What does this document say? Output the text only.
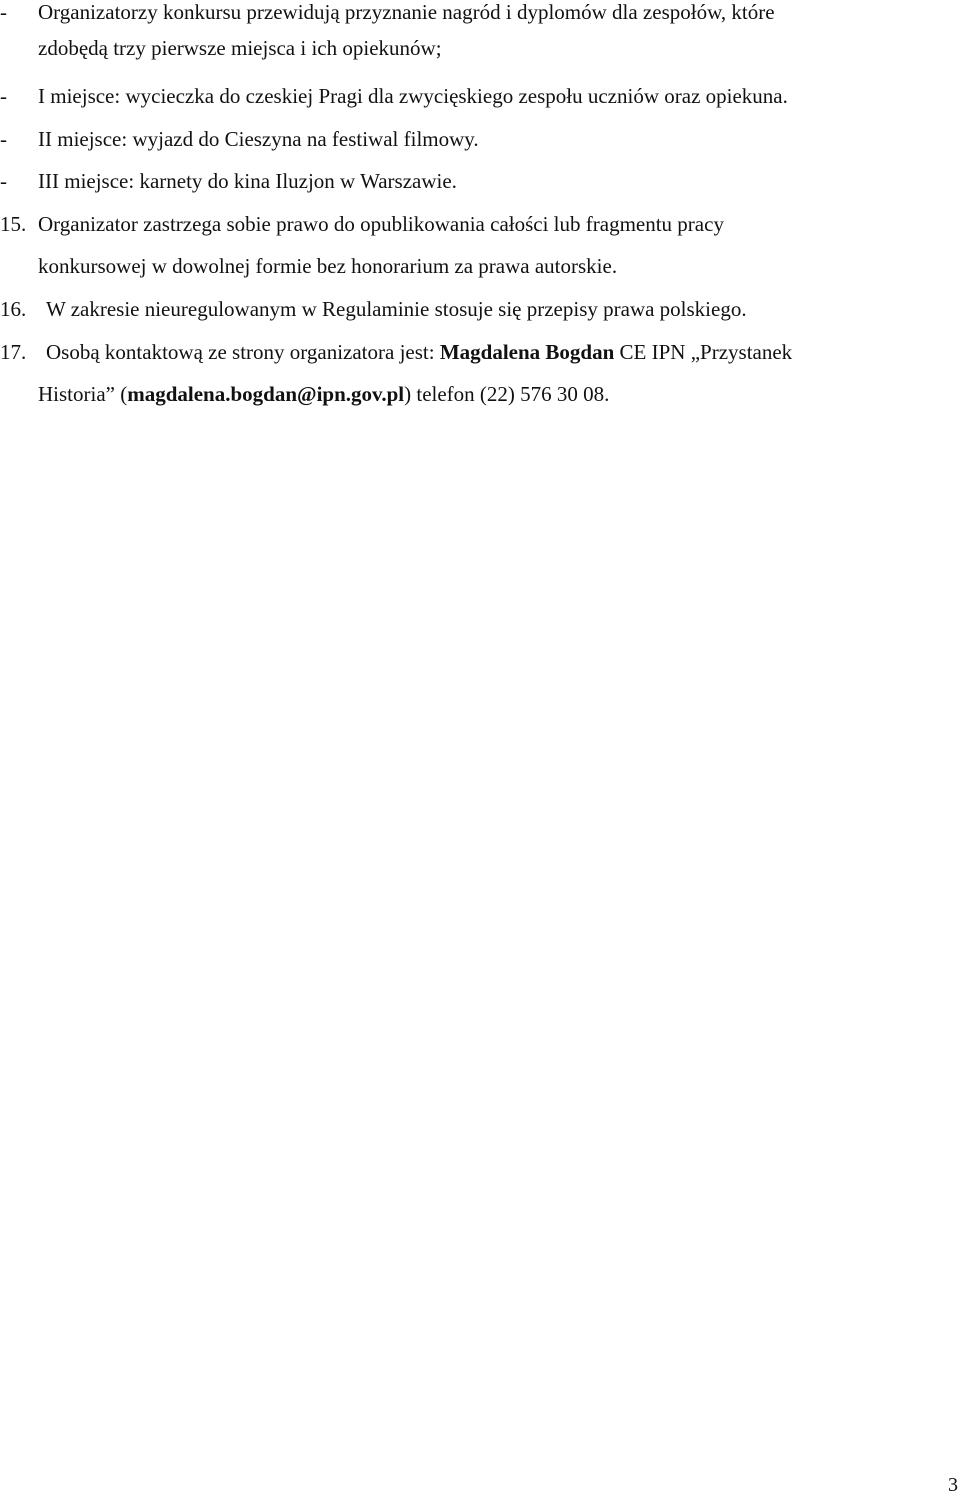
- Organizatorzy konkursu przewidują przyznanie nagród i dyplomów dla zespołów, które
zdobędą trzy pierwsze miejsca i ich opiekunów;
- I miejsce: wycieczka do czeskiej Pragi dla zwycięskiego zespołu uczniów oraz opiekuna.
- II miejsce: wyjazd do Cieszyna na festiwal filmowy.
- III miejsce: karnety do kina Iluzjon w Warszawie.
15. Organizator zastrzega sobie prawo do opublikowania całości lub fragmentu pracy
konkursowej w dowolnej formie bez honorarium za prawa autorskie.
16. W zakresie nieuregulowanym w Regulaminie stosuje się przepisy prawa polskiego.
17. Osobą kontaktową ze strony organizatora jest: Magdalena Bogdan CE IPN „Przystanek
Historia” (magdalena.bogdan@ipn.gov.pl) telefon (22) 576 30 08.
3
